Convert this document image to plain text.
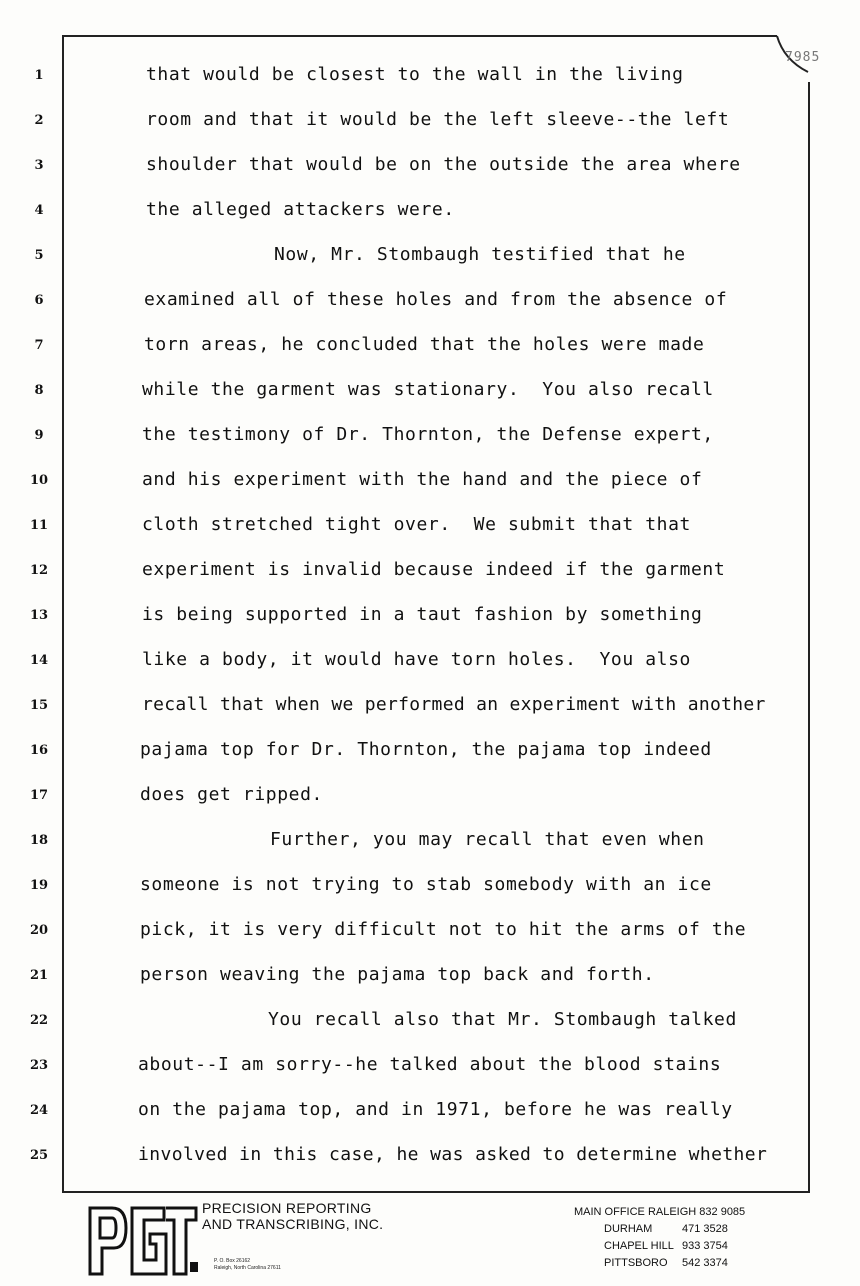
7985
1	that would be closest to the wall in the living
2	room and that it would be the left sleeve--the left
3	shoulder that would be on the outside the area where
4	the alleged attackers were.
5	Now, Mr. Stombaugh testified that he
6	examined all of these holes and from the absence of
7	torn areas, he concluded that the holes were made
8	while the garment was stationary.  You also recall
9	the testimony of Dr. Thornton, the Defense expert,
10	and his experiment with the hand and the piece of
11	cloth stretched tight over.  We submit that that
12	experiment is invalid because indeed if the garment
13	is being supported in a taut fashion by something
14	like a body, it would have torn holes.  You also
15	recall that when we performed an experiment with another
16	pajama top for Dr. Thornton, the pajama top indeed
17	does get ripped.
18	Further, you may recall that even when
19	someone is not trying to stab somebody with an ice
20	pick, it is very difficult not to hit the arms of the
21	person weaving the pajama top back and forth.
22	You recall also that Mr. Stombaugh talked
23	about--I am sorry--he talked about the blood stains
24	on the pajama top, and in 1971, before he was really
25	involved in this case, he was asked to determine whether
PRECISION REPORTING
AND TRANSCRIBING, INC.
P. O. Box 26162
Raleigh, North Carolina 27611
MAIN OFFICE RALEIGH 832 9085
DURHAM	471 3528
CHAPEL HILL 933 3754
PITTSBORO 542 3374
